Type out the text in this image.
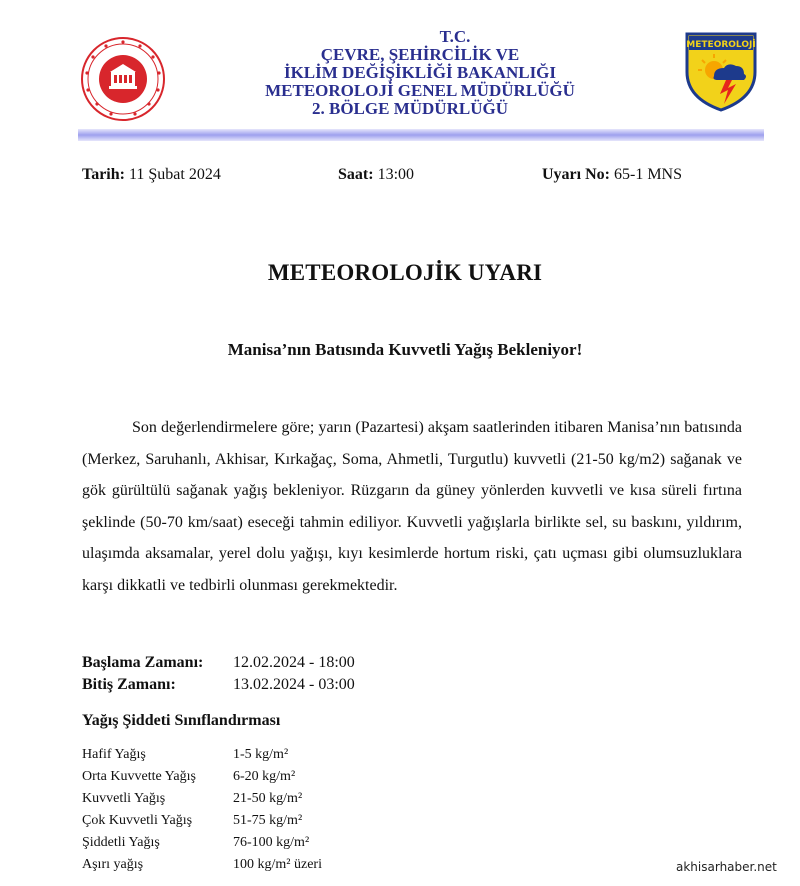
T.C.
ÇEVRE, ŞEHİRCİLİK VE
İKLİM DEĞİŞİKLİĞİ BAKANLIĞI
METEOROLOJİ GENEL MÜDÜRLÜĞÜ
2. BÖLGE MÜDÜRLÜĞÜ
METEOROLOJİ
Tarih: 11 Şubat 2024	Saat: 13:00	Uyarı No: 65-1 MNS
METEOROLOJİK UYARI
Manisa’nın Batısında Kuvvetli Yağış Bekleniyor!

Son değerlendirmelere göre; yarın (Pazartesi) akşam saatlerinden itibaren Manisa’nın batısında (Merkez, Saruhanlı, Akhisar, Kırkağaç, Soma, Ahmetli, Turgutlu) kuvvetli (21-50 kg/m2) sağanak ve gök gürültülü sağanak yağış bekleniyor. Rüzgarın da güney yönlerden kuvvetli ve kısa süreli fırtına şeklinde (50-70 km/saat) eseceği tahmin ediliyor. Kuvvetli yağışlarla birlikte sel, su baskını, yıldırım, ulaşımda aksamalar, yerel dolu yağışı, kıyı kesimlerde hortum riski, çatı uçması gibi olumsuzluklara karşı dikkatli ve tedbirli olunması gerekmektedir.

Başlama Zamanı:	12.02.2024 - 18:00
Bitiş Zamanı:	13.02.2024 - 03:00
Yağış Şiddeti Sınıflandırması
Hafif Yağış	1-5 kg/m²
Orta Kuvvette Yağış	6-20 kg/m²
Kuvvetli Yağış	21-50 kg/m²
Çok Kuvvetli Yağış	51-75 kg/m²
Şiddetli Yağış	76-100 kg/m²
Aşırı yağış	100 kg/m² üzeri	akhisarhaber.net
